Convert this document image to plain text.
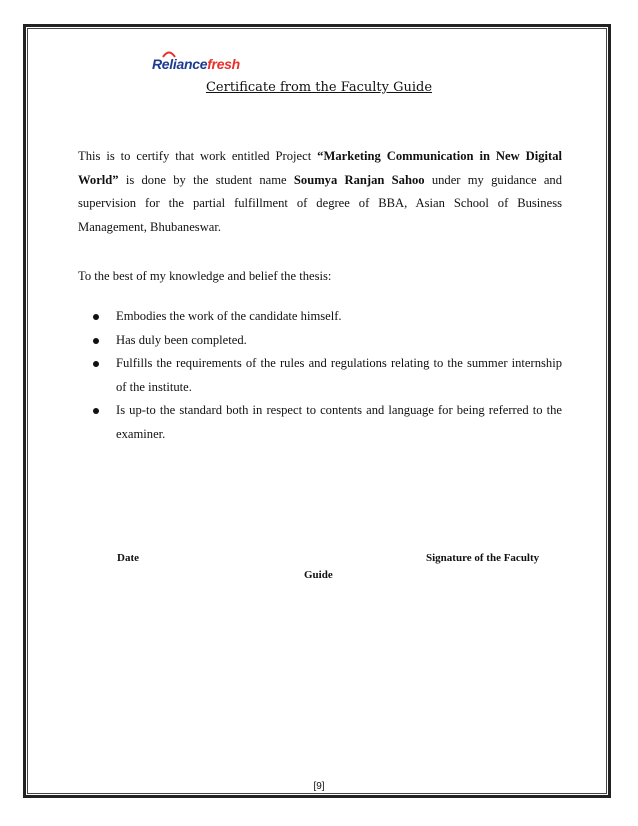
Reliancefresh
Certificate from the Faculty Guide

This is to certify that work entitled Project “Marketing Communication in New Digital World” is done by the student name Soumya Ranjan Sahoo under my guidance and supervision for the partial fulfillment of degree of BBA, Asian School of Business Management, Bhubaneswar.

To the best of my knowledge and belief the thesis:
Embodies the work of the candidate himself.
Has duly been completed.
Fulfills the requirements of the rules and regulations relating to the summer internship of the institute.
Is up-to the standard both in respect to contents and language for being referred to the examiner.
Date	Signature of the Faculty
Guide
[9]
